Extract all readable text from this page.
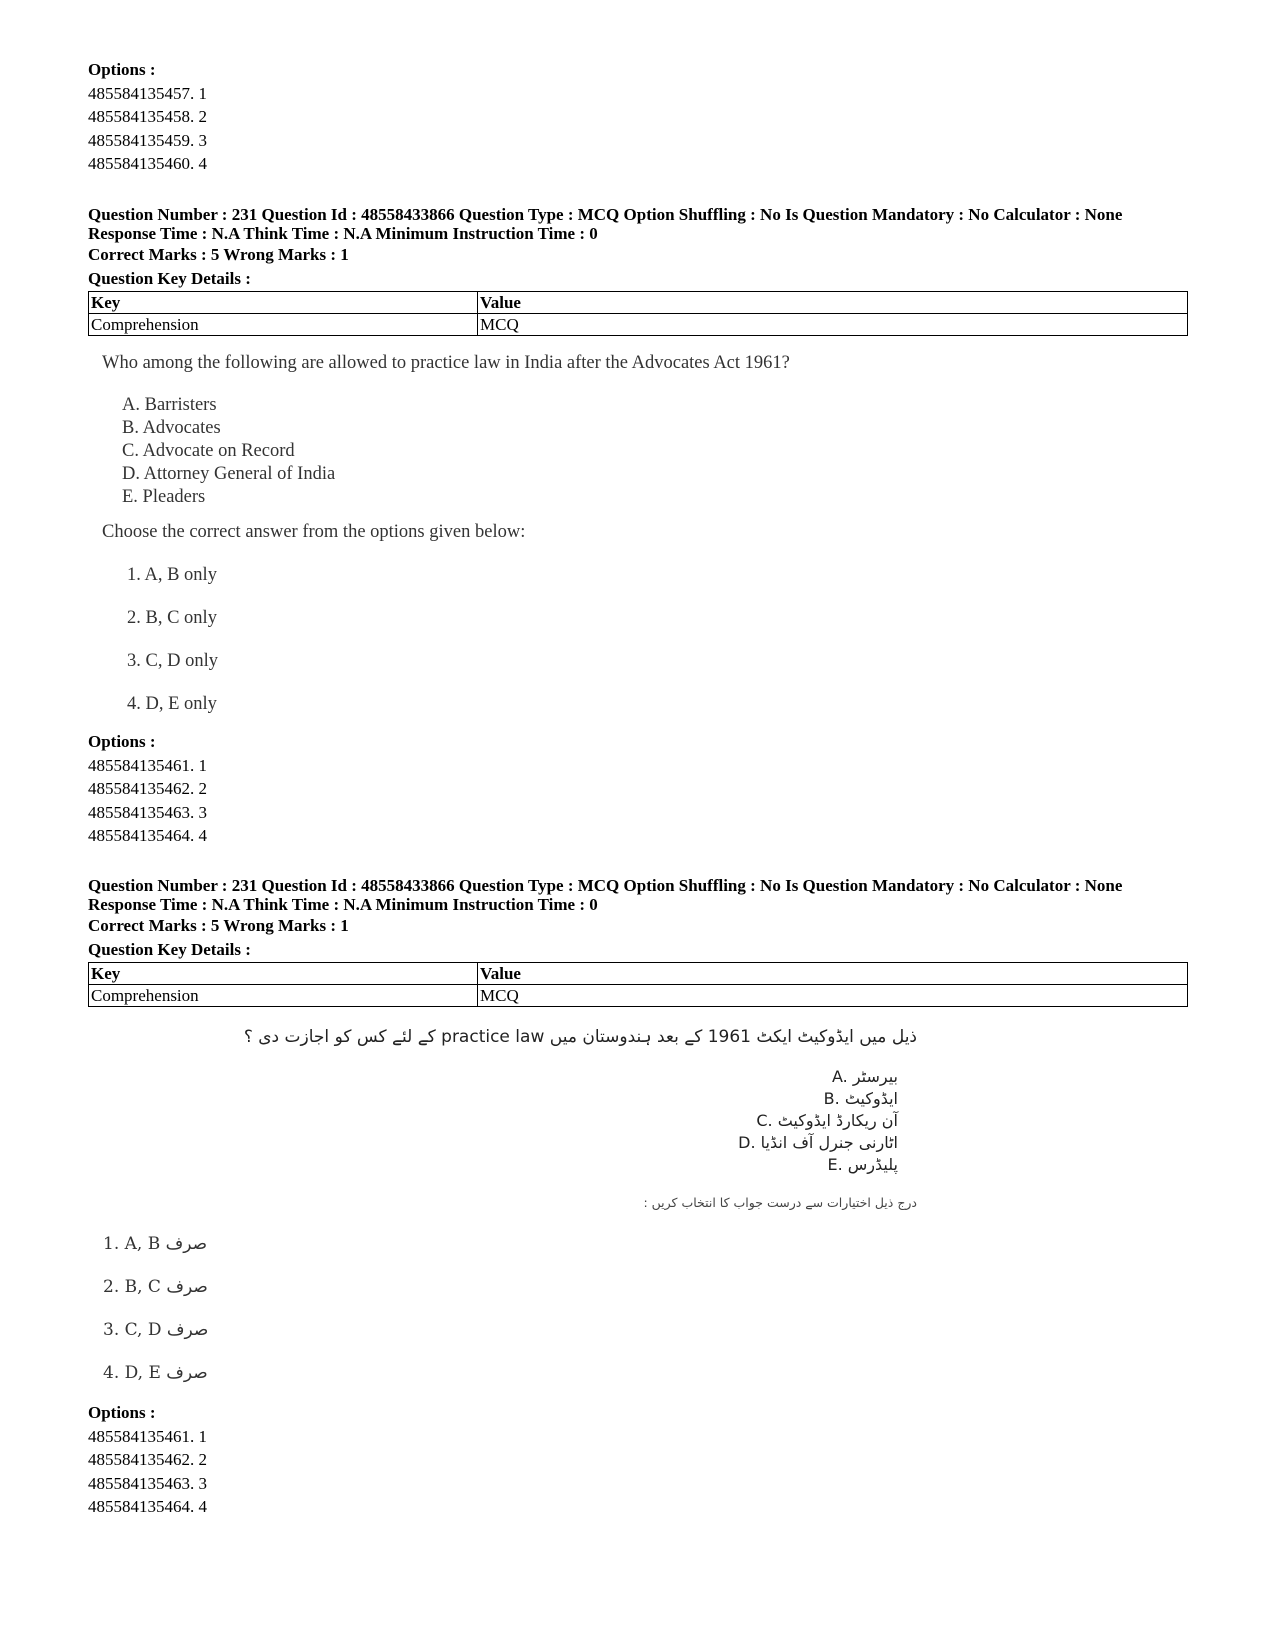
Options :
485584135457. 1
485584135458. 2
485584135459. 3
485584135460. 4
Question Number : 231 Question Id : 48558433866 Question Type : MCQ Option Shuffling : No Is Question Mandatory : No Calculator : None
Response Time : N.A Think Time : N.A Minimum Instruction Time : 0
Correct Marks : 5 Wrong Marks : 1
Question Key Details :
Key	Value
Comprehension	MCQ
Who among the following are allowed to practice law in India after the Advocates Act 1961?
A. Barristers
B. Advocates
C. Advocate on Record
D. Attorney General of India
E. Pleaders
Choose the correct answer from the options given below:
1. A, B only
2. B, C only
3. C, D only
4. D, E only
Options :
485584135461. 1
485584135462. 2
485584135463. 3
485584135464. 4
Question Number : 231 Question Id : 48558433866 Question Type : MCQ Option Shuffling : No Is Question Mandatory : No Calculator : None
Response Time : N.A Think Time : N.A Minimum Instruction Time : 0
Correct Marks : 5 Wrong Marks : 1
Question Key Details :
Key	Value
Comprehension	MCQ
ذیل میں ایڈوکیٹ ایکٹ 1961 کے بعد ہندوستان میں practice law کے لئے کس کو اجازت دی ؟
A. بیرسٹر
B. ایڈوکیٹ
C. آن ریکارڈ ایڈوکیٹ
D. اٹارنی جنرل آف انڈیا
E. پلیڈرس
درج ذیل اختیارات سے درست جواب کا انتخاب کریں :
1. A, B صرف
2. B, C صرف
3. C, D صرف
4. D, E صرف
Options :
485584135461. 1
485584135462. 2
485584135463. 3
485584135464. 4
